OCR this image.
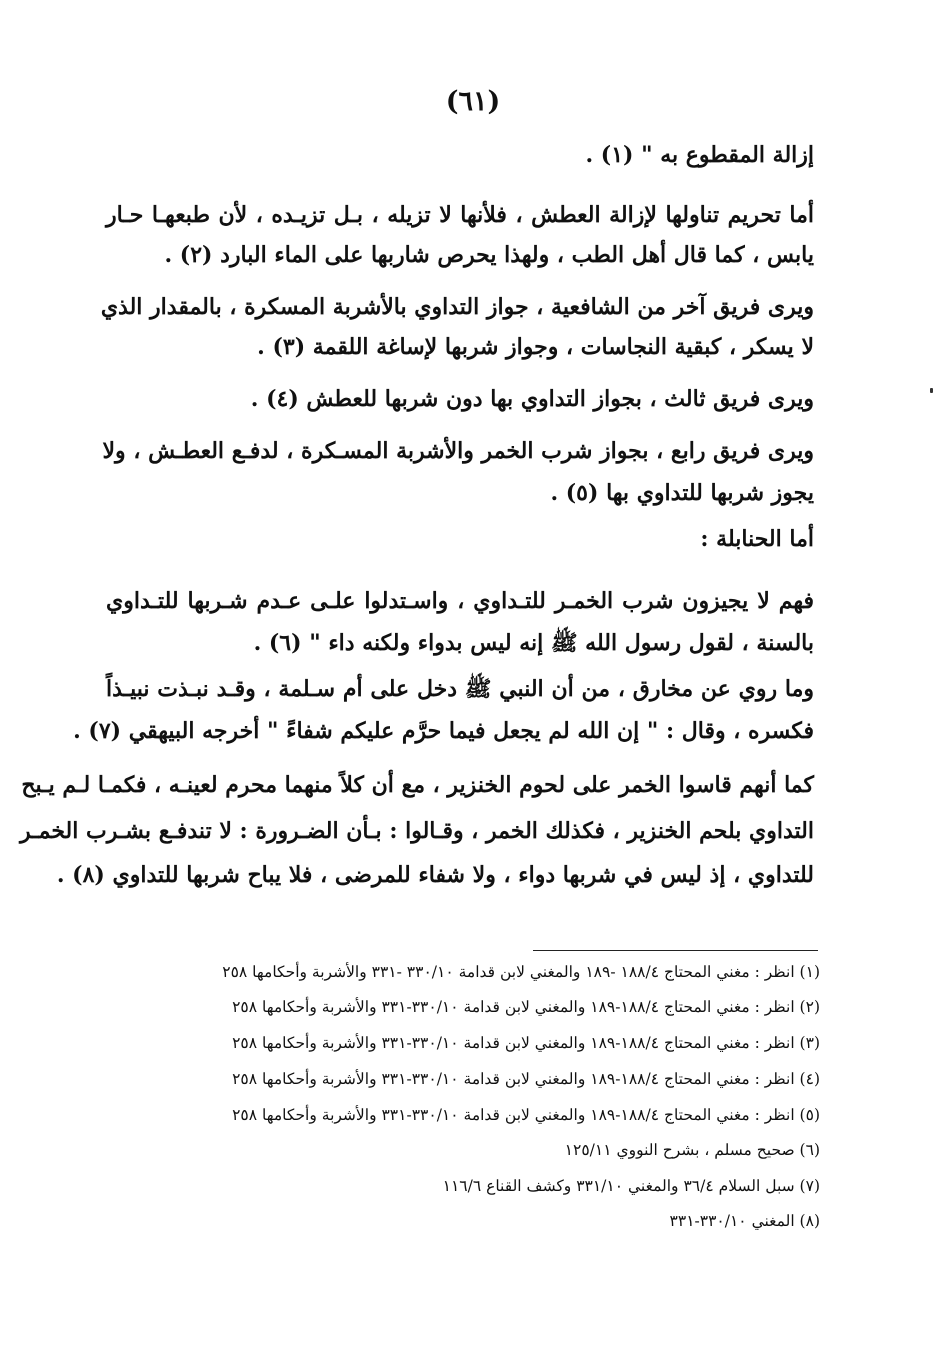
(٦١)
إزالة المقطوع به " (١) .
أما تحريم تناولها لإزالة العطش ، فلأنها لا تزيله ، بـل تزيـده ، لأن طبعهـا حـار
يابس ، كما قال أهل الطب ، ولهذا يحرص شاربها على الماء البارد (٢) .
ويرى فريق آخر من الشافعية ، جواز التداوي بالأشربة المسكرة ، بالمقدار الذي
لا يسكر ، كبقية النجاسات ، وجواز شربها لإساغة اللقمة (٣) .
ويرى فريق ثالث ، بجواز التداوي بها دون شربها للعطش (٤) .
ويرى فريق رابع ، بجواز شرب الخمر والأشربة المسـكرة ، لدفـع العطـش ، ولا
يجوز شربها للتداوي بها (٥) .
أما الحنابلة :
فهم لا يجيزون شرب الخمـر للتـداوي ، واسـتدلوا علـى عـدم شـربها للتـداوي
بالسنة ، لقول رسول الله ﷺ إنه ليس بدواء ولكنه داء " (٦) .
وما روي عن مخارق ، من أن النبي ﷺ دخل على أم سـلمة ، وقـد نبـذت نبيـذاً
فكسره ، وقال : " إن الله لم يجعل فيما حرَّم عليكم شفاءً " أخرجه البيهقي (٧) .
كما أنهم قاسوا الخمر على لحوم الخنزير ، مع أن كلاً منهما محرم لعينـه ، فكمـا لـم يـبح
التداوي بلحم الخنزير ، فكذلك الخمر ، وقـالوا : بـأن الضـرورة : لا تندفـع بشـرب الخمـر
للتداوي ، إذ ليس في شربها دواء ، ولا شفاء للمرضى ، فلا يباح شربها للتداوي (٨) .
(١) انظر : مغني المحتاج ١٨٨/٤ -١٨٩ والمغني لابن قدامة ٣٣٠/١٠ -٣٣١ والأشربة وأحكامها ٢٥٨
(٢) انظر : مغني المحتاج ١٨٨/٤-١٨٩ والمغني لابن قدامة ٣٣٠/١٠-٣٣١ والأشربة وأحكامها ٢٥٨
(٣) انظر : مغني المحتاج ١٨٨/٤-١٨٩ والمغني لابن قدامة ٣٣٠/١٠-٣٣١ والأشربة وأحكامها ٢٥٨
(٤) انظر : مغني المحتاج ١٨٨/٤-١٨٩ والمغني لابن قدامة ٣٣٠/١٠-٣٣١ والأشربة وأحكامها ٢٥٨
(٥) انظر : مغني المحتاج ١٨٨/٤-١٨٩ والمغني لابن قدامة ٣٣٠/١٠-٣٣١ والأشربة وأحكامها ٢٥٨
(٦) صحيح مسلم ، بشرح النووي ١٢٥/١١
(٧) سبل السلام ٣٦/٤ والمغني ٣٣١/١٠ وكشف القناع ١١٦/٦
(٨) المغني ٣٣٠/١٠-٣٣١
